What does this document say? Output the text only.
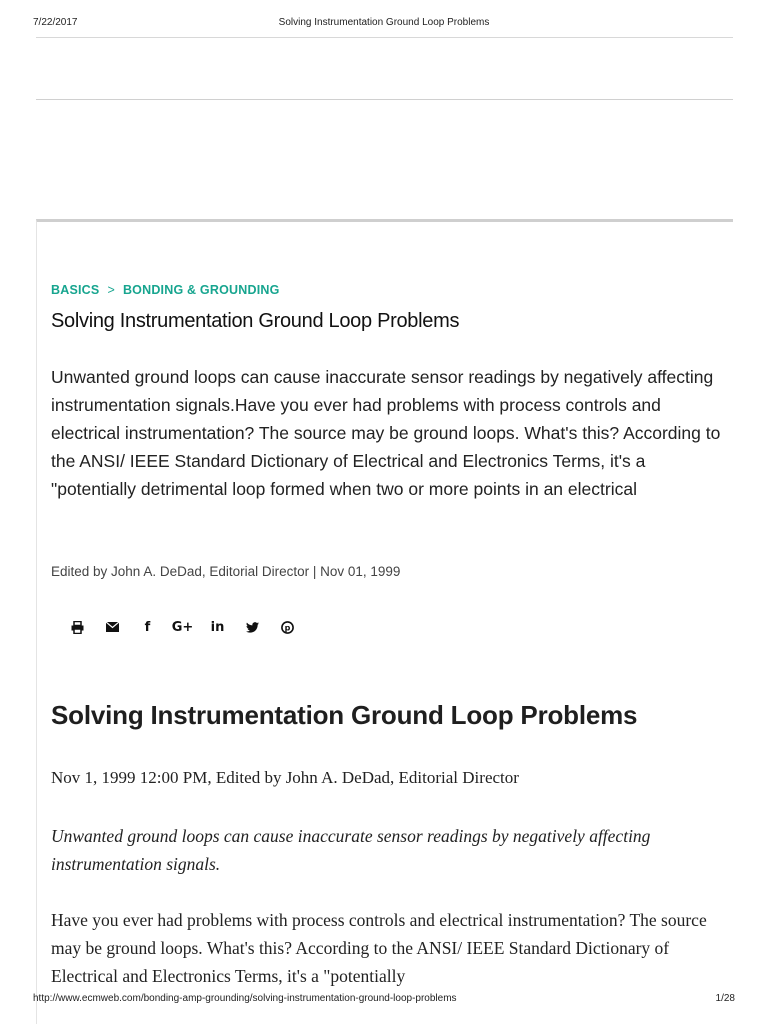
7/22/2017	Solving Instrumentation Ground Loop Problems
BASICS > BONDING & GROUNDING
Solving Instrumentation Ground Loop Problems
Unwanted ground loops can cause inaccurate sensor readings by negatively affecting instrumentation signals.Have you ever had problems with process controls and electrical instrumentation? The source may be ground loops. What's this? According to the ANSI/ IEEE Standard Dictionary of Electrical and Electronics Terms, it's a "potentially detrimental loop formed when two or more points in an electrical
Edited by John A. DeDad, Editorial Director | Nov 01, 1999
f	G+	in	p
Solving Instrumentation Ground Loop Problems
Nov 1, 1999 12:00 PM, Edited by John A. DeDad, Editorial Director
Unwanted ground loops can cause inaccurate sensor readings by negatively affecting instrumentation signals.
Have you ever had problems with process controls and electrical instrumentation? The source may be ground loops. What's this? According to the ANSI/ IEEE Standard Dictionary of Electrical and Electronics Terms, it's a "potentially
http://www.ecmweb.com/bonding-amp-grounding/solving-instrumentation-ground-loop-problems	1/28
